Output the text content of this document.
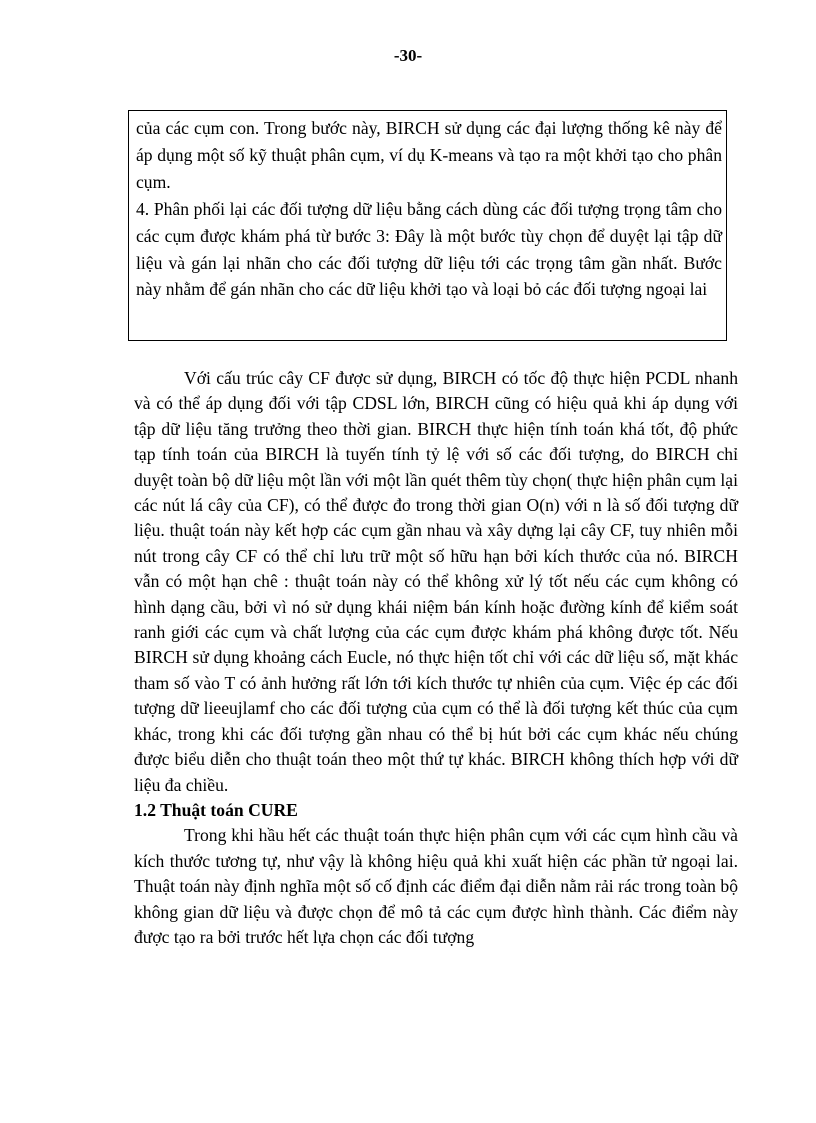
-30-

của các cụm con. Trong bước này, BIRCH sử dụng các đại lượng thống kê này để áp dụng một số kỹ thuật phân cụm, ví dụ K-means và tạo ra một khởi tạo cho phân cụm.

4. Phân phối lại các đối tượng dữ liệu bằng cách dùng các đối tượng trọng tâm cho các cụm được khám phá từ bước 3: Đây là một bước tùy chọn để duyệt lại tập dữ liệu và gán lại nhãn cho các đối tượng dữ liệu tới các trọng tâm gần nhất. Bước này nhằm để gán nhãn cho các dữ liệu khởi tạo và loại bỏ các đối tượng ngoại lai

Với cấu trúc cây CF được sử dụng, BIRCH có tốc độ thực hiện PCDL nhanh và có thể áp dụng đối với tập CDSL lớn, BIRCH cũng có hiệu quả khi áp dụng với tập dữ liệu tăng trưởng theo thời gian. BIRCH thực hiện tính toán khá tốt, độ phức tạp tính toán của BIRCH là tuyến tính tỷ lệ với số các đối tượng, do BIRCH chỉ duyệt toàn bộ dữ liệu một lần với một lần quét thêm tùy chọn( thực hiện phân cụm lại các nút lá cây của CF), có thể được đo trong thời gian O(n) với n là số đối tượng dữ liệu. thuật toán này kết hợp các cụm gần nhau và xây dựng lại cây CF, tuy nhiên mỗi nút trong cây CF có thể chỉ lưu trữ một số hữu hạn bởi kích thước của nó. BIRCH vẫn có một hạn chê : thuật toán này có thể không xử lý tốt nếu các cụm không có hình dạng cầu, bởi vì nó sử dụng khái niệm bán kính hoặc đường kính để kiểm soát ranh giới các cụm và chất lượng của các cụm được khám phá không được tốt. Nếu BIRCH sử dụng khoảng cách Eucle, nó thực hiện tốt chỉ với các dữ liệu số, mặt khác tham số vào T có ảnh hưởng rất lớn tới kích thước tự nhiên của cụm. Việc ép các đối tượng dữ lieeujlamf cho các đối tượng của cụm có thể là đối tượng kết thúc của cụm khác, trong khi các đối tượng gần nhau có thể bị hút bởi các cụm khác nếu chúng được biểu diễn cho thuật toán theo một thứ tự khác. BIRCH không thích hợp với dữ liệu đa chiều.

1.2 Thuật toán CURE

Trong khi hầu hết các thuật toán thực hiện phân cụm với các cụm hình cầu và kích thước tương tự, như vậy là không hiệu quả khi xuất hiện các phần tử ngoại lai. Thuật toán này định nghĩa một số cố định các điểm đại diễn nằm rải rác trong toàn bộ không gian dữ liệu và được chọn để mô tả các cụm được hình thành. Các điểm này được tạo ra bởi trước hết lựa chọn các đối tượng
